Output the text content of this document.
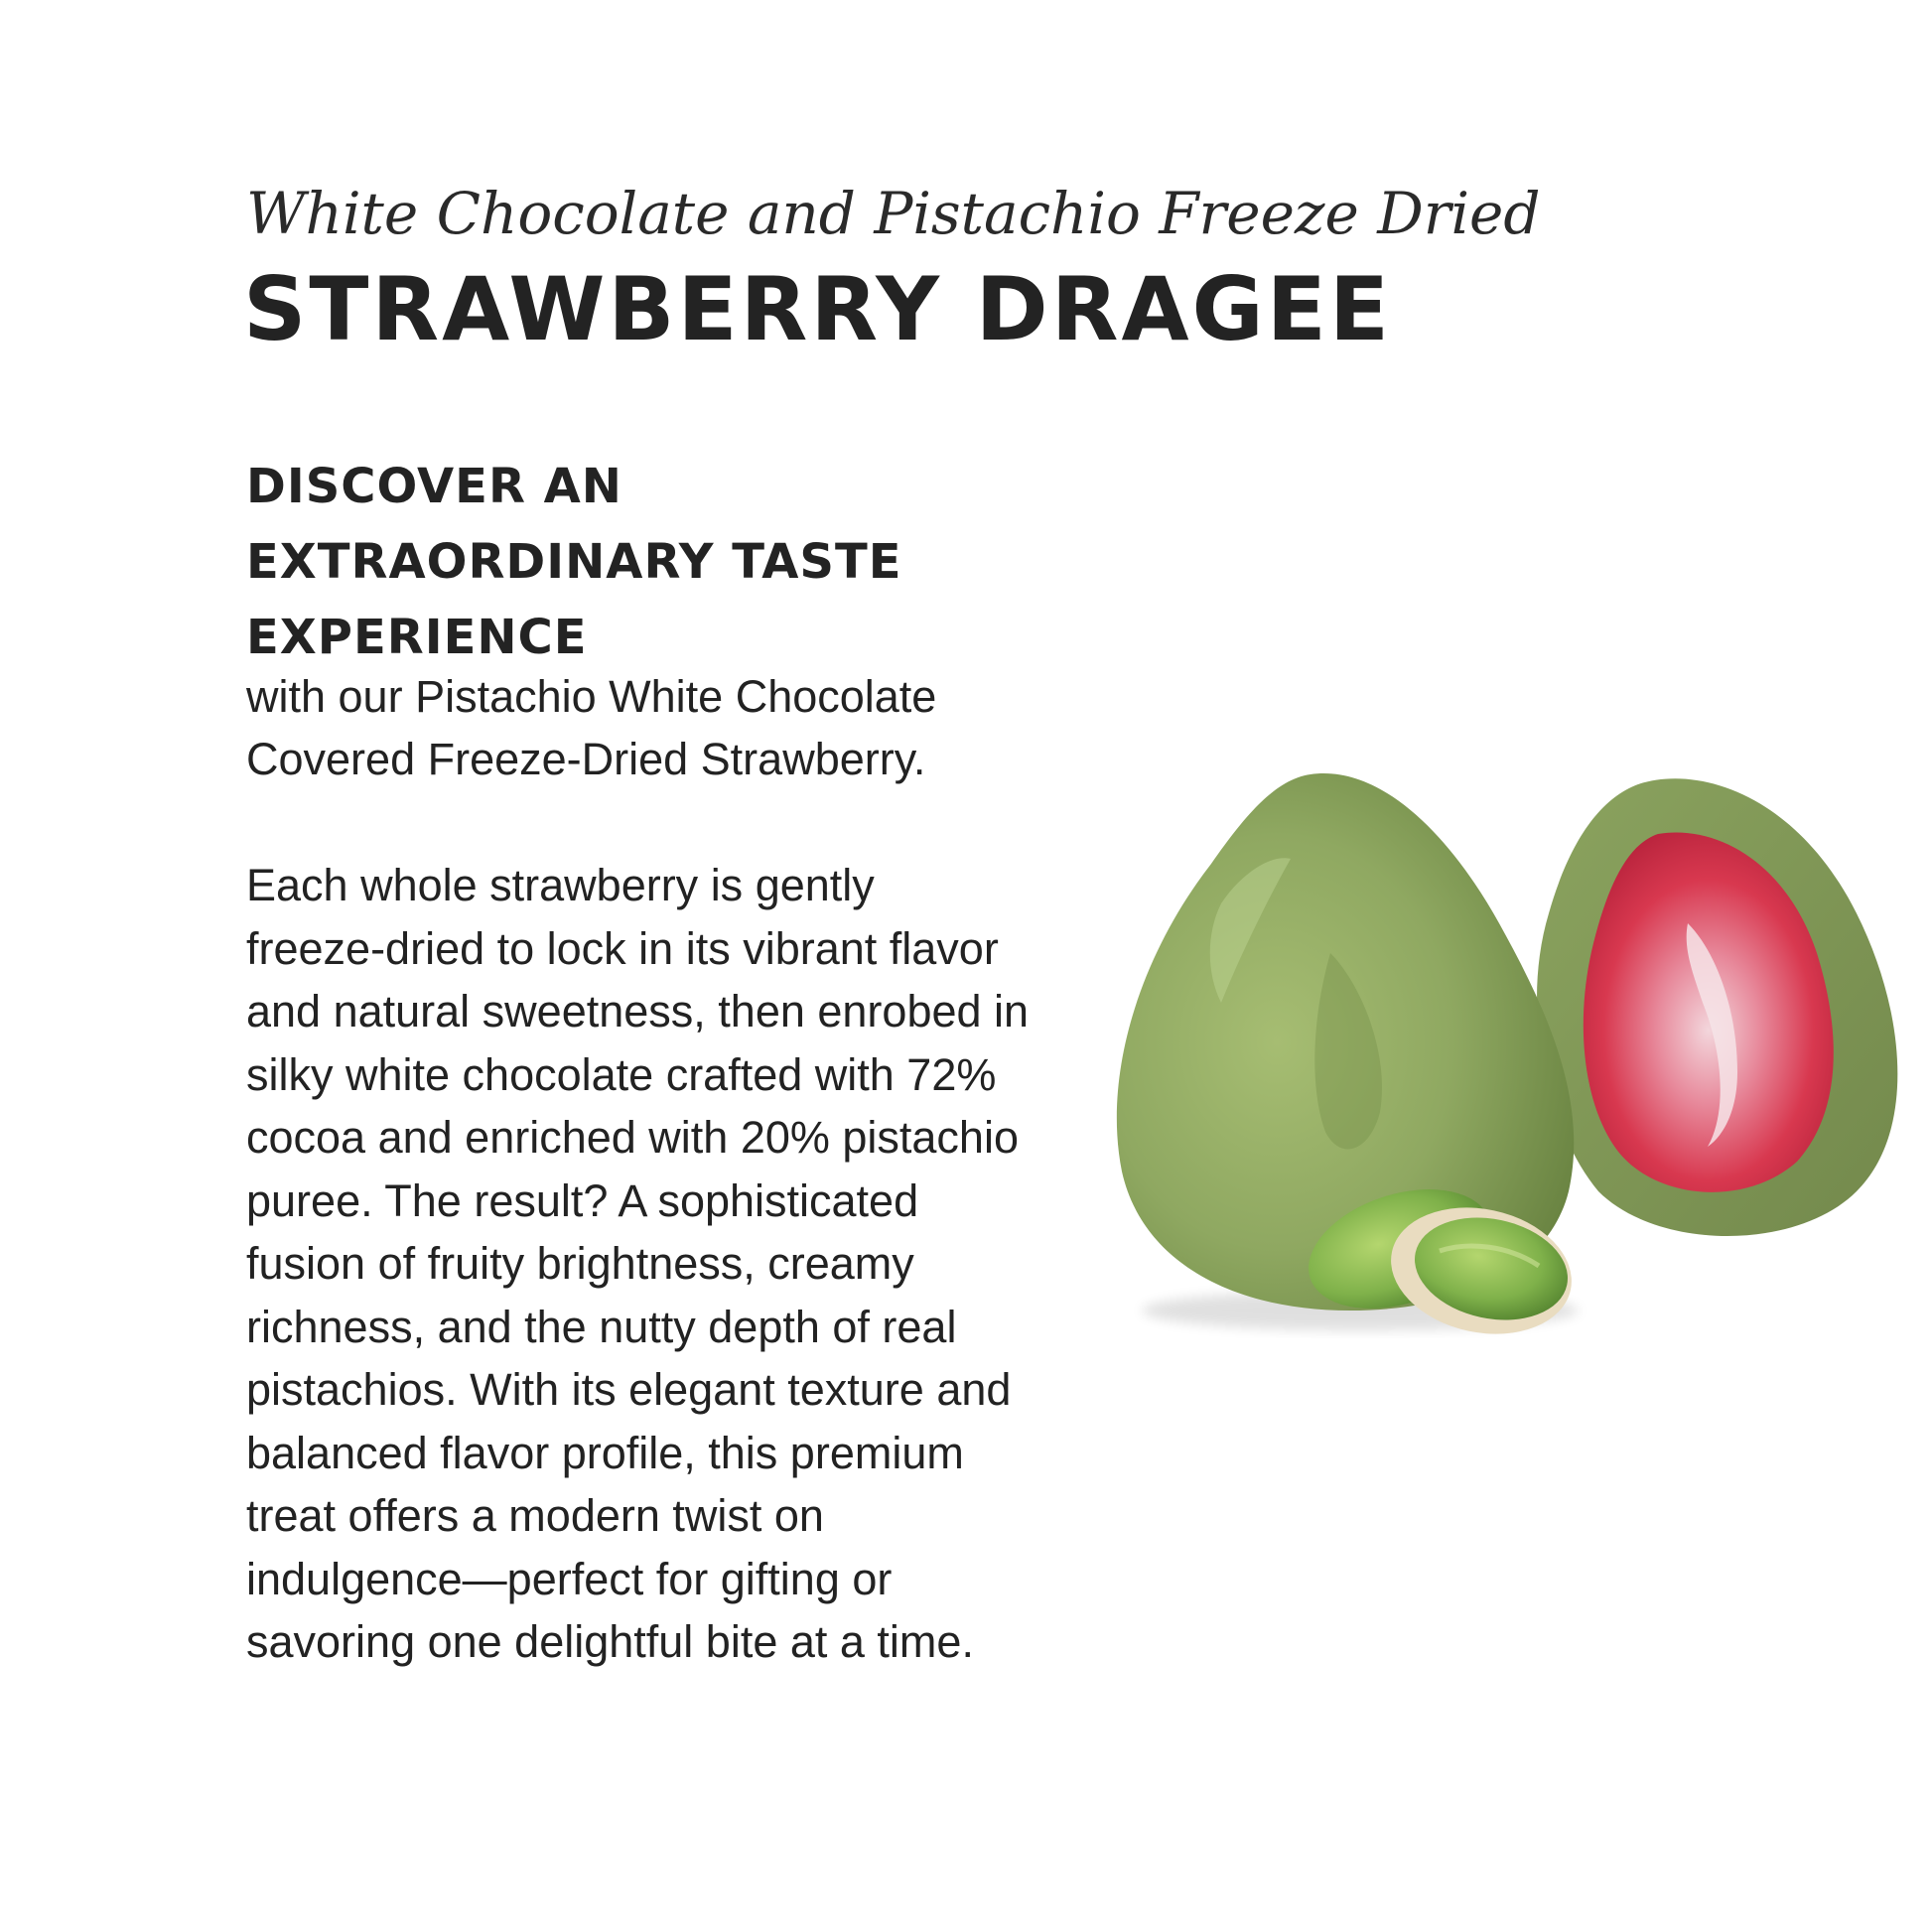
White Chocolate and Pistachio Freeze Dried
STRAWBERRY DRAGEE
DISCOVER AN
EXTRAORDINARY TASTE
EXPERIENCE
with our Pistachio White Chocolate
Covered Freeze-Dried Strawberry.
Each whole strawberry is gently
freeze-dried to lock in its vibrant flavor
and natural sweetness, then enrobed in
silky white chocolate crafted with 72%
cocoa and enriched with 20% pistachio
puree. The result? A sophisticated
fusion of fruity brightness, creamy
richness, and the nutty depth of real
pistachios. With its elegant texture and
balanced flavor profile, this premium
treat offers a modern twist on
indulgence—perfect for gifting or
savoring one delightful bite at a time.
